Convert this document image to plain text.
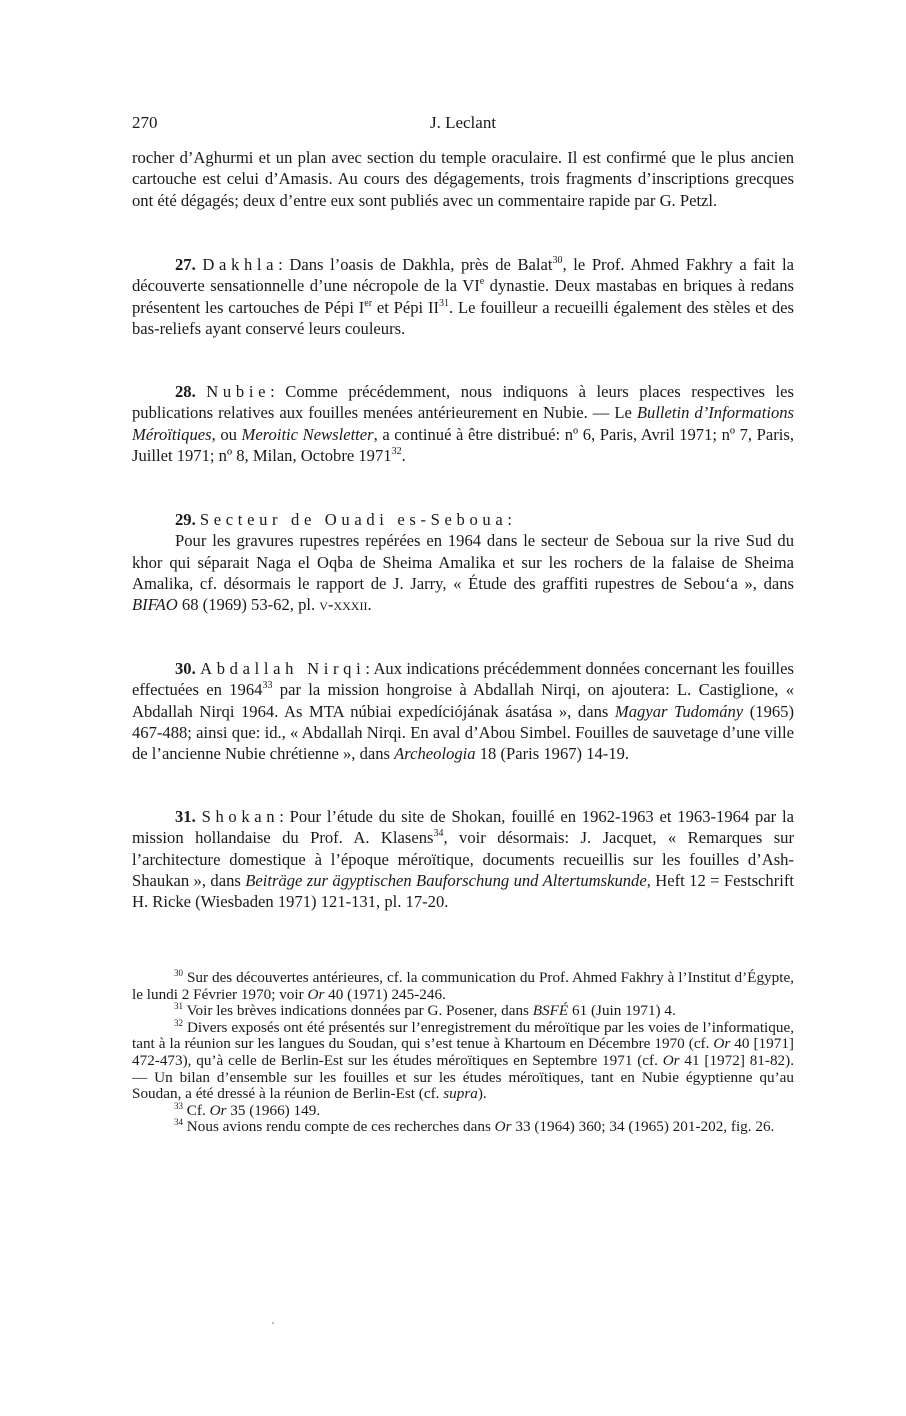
270	J. Leclant

rocher d’Aghurmi et un plan avec section du temple oraculaire. Il est confirmé que le plus ancien cartouche est celui d’Amasis. Au cours des dégagements, trois fragments d’inscriptions grecques ont été dégagés; deux d’entre eux sont publiés avec un commentaire rapide par G. Petzl.

27. Dakhla: Dans l’oasis de Dakhla, près de Balat$^{30}$, le Prof. Ahmed Fakhry a fait la découverte sensationnelle d’une nécropole de la VIe dynastie. Deux mastabas en briques à redans présentent les cartouches de Pépi Ier et Pépi II$^{31}$. Le fouilleur a recueilli également des stèles et des bas-reliefs ayant conservé leurs couleurs.

28. Nubie: Comme précédemment, nous indiquons à leurs places respectives les publications relatives aux fouilles menées antérieurement en Nubie. — Le Bulletin d’Informations Méroïtiques, ou Meroitic Newsletter, a continué à être distribué: nº 6, Paris, Avril 1971; nº 7, Paris, Juillet 1971; nº 8, Milan, Octobre 1971$^{32}$.

29. Secteur de Ouadi es-Seboua:

Pour les gravures rupestres repérées en 1964 dans le secteur de Seboua sur la rive Sud du khor qui séparait Naga el Oqba de Sheima Amalika et sur les rochers de la falaise de Sheima Amalika, cf. désormais le rapport de J. Jarry, « Étude des graffiti rupestres de Sebou‘a », dans BIFAO 68 (1969) 53-62, pl. v-xxxii.

30. Abdallah Nirqi: Aux indications précédemment données concernant les fouilles effectuées en 1964$^{33}$ par la mission hongroise à Abdallah Nirqi, on ajoutera: L. Castiglione, « Abdallah Nirqi 1964. As MTA núbiai expedíciójának ásatása », dans Magyar Tudomány (1965) 467-488; ainsi que: id., « Abdallah Nirqi. En aval d’Abou Simbel. Fouilles de sauvetage d’une ville de l’ancienne Nubie chrétienne », dans Archeologia 18 (Paris 1967) 14-19.

31. Shokan: Pour l’étude du site de Shokan, fouillé en 1962-1963 et 1963-1964 par la mission hollandaise du Prof. A. Klasens$^{34}$, voir désormais: J. Jacquet, « Remarques sur l’architecture domestique à l’époque méroïtique, documents recueillis sur les fouilles d’Ash-Shaukan », dans Beiträge zur ägyptischen Bauforschung und Altertumskunde, Heft 12 = Festschrift H. Ricke (Wiesbaden 1971) 121-131, pl. 17-20.

$^{30}$ Sur des découvertes antérieures, cf. la communication du Prof. Ahmed Fakhry à l’Institut d’Égypte, le lundi 2 Février 1970; voir Or 40 (1971) 245-246.

$^{31}$ Voir les brèves indications données par G. Posener, dans BSFÉ 61 (Juin 1971) 4.

$^{32}$ Divers exposés ont été présentés sur l’enregistrement du méroïtique par les voies de l’informatique, tant à la réunion sur les langues du Soudan, qui s’est tenue à Khartoum en Décembre 1970 (cf. Or 40 [1971] 472-473), qu’à celle de Berlin-Est sur les études méroïtiques en Septembre 1971 (cf. Or 41 [1972] 81-82). — Un bilan d’ensemble sur les fouilles et sur les études méroïtiques, tant en Nubie égyptienne qu’au Soudan, a été dressé à la réunion de Berlin-Est (cf. supra).

$^{33}$ Cf. Or 35 (1966) 149.

$^{34}$ Nous avions rendu compte de ces recherches dans Or 33 (1964) 360; 34 (1965) 201-202, fig. 26.
